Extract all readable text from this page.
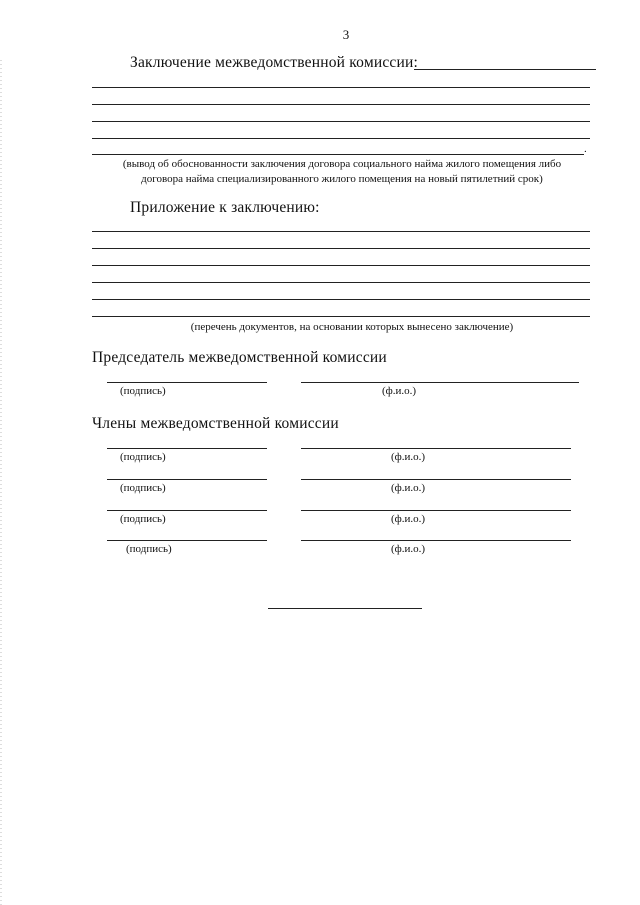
3
Заключение межведомственной комиссии:
.
(вывод об обоснованности заключения договора социального найма жилого помещения либо
договора найма специализированного жилого помещения на новый пятилетний срок)
Приложение к заключению:
(перечень документов, на основании которых вынесено заключение)
Председатель межведомственной комиссии
(подпись)	(ф.и.о.)
Члены межведомственной комиссии
(подпись)	(ф.и.о.)
(подпись)	(ф.и.о.)
(подпись)	(ф.и.о.)
(подпись)	(ф.и.о.)
